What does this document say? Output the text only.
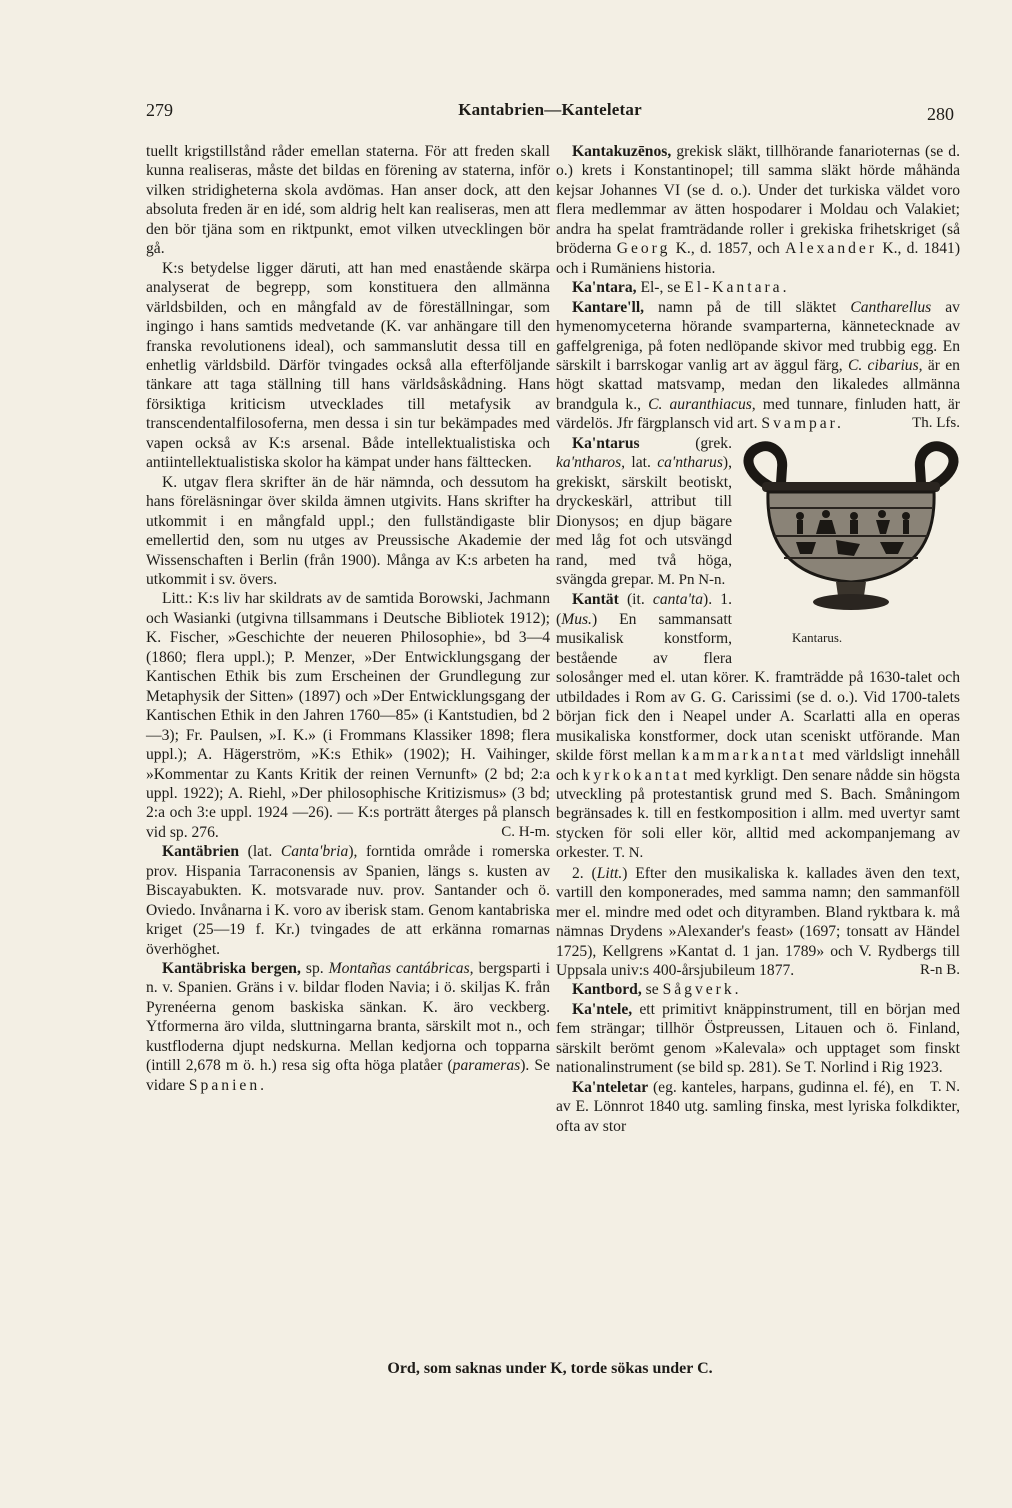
279	Kantabrien—Kanteletar	280

tuellt krigstillstånd råder emellan staterna. För att freden skall kunna realiseras, måste det bildas en förening av staterna, inför vilken stridigheterna skola avdömas. Han anser dock, att den absoluta freden är en idé, som aldrig helt kan realiseras, men att den bör tjäna som en riktpunkt, emot vilken utvecklingen bör gå.

K:s betydelse ligger däruti, att han med enastående skärpa analyserat de begrepp, som konstituera den allmänna världsbilden, och en mångfald av de föreställningar, som ingingo i hans samtids medvetande (K. var anhängare till den franska revolutionens ideal), och sammanslutit dessa till en enhetlig världsbild. Därför tvingades också alla efterföljande tänkare att taga ställning till hans världsåskådning. Hans försiktiga kriticism utvecklades till metafysik av transcendentalfilosoferna, men dessa i sin tur bekämpades med vapen också av K:s arsenal. Både intellektualistiska och antiintellektualistiska skolor ha kämpat under hans fälttecken.

K. utgav flera skrifter än de här nämnda, och dessutom ha hans föreläsningar över skilda ämnen utgivits. Hans skrifter ha utkommit i en mångfald uppl.; den fullständigaste blir emellertid den, som nu utges av Preussische Akademie der Wissenschaften i Berlin (från 1900). Många av K:s arbeten ha utkommit i sv. övers.

Litt.: K:s liv har skildrats av de samtida Borowski, Jachmann och Wasianki (utgivna tillsammans i Deutsche Bibliotek 1912); K. Fischer, »Geschichte der neueren Philosophie», bd 3—4 (1860; flera uppl.); P. Menzer, »Der Entwicklungsgang der Kantischen Ethik bis zum Erscheinen der Grundlegung zur Metaphysik der Sitten» (1897) och »Der Entwicklungsgang der Kantischen Ethik in den Jahren 1760—85» (i Kantstudien, bd 2—3); Fr. Paulsen, »I. K.» (i Frommans Klassiker 1898; flera uppl.); A. Hägerström, »K:s Ethik» (1902); H. Vaihinger, »Kommentar zu Kants Kritik der reinen Vernunft» (2 bd; 2:a uppl. 1922); A. Riehl, »Der philosophische Kritizismus» (3 bd; 2:a och 3:e uppl. 1924 —26). — K:s porträtt återges på plansch vid sp. 276.	C. H-m.

Kantäbrien (lat. Canta'bria), forntida område i romerska prov. Hispania Tarraconensis av Spanien, längs s. kusten av Biscayabukten. K. motsvarade nuv. prov. Santander och ö. Oviedo. Invånarna i K. voro av iberisk stam. Genom kantabriska kriget (25—19 f. Kr.) tvingades de att erkänna romarnas överhöghet.

Kantäbriska bergen, sp. Montañas cantábricas, bergsparti i n. v. Spanien. Gräns i v. bildar floden Navia; i ö. skiljas K. från Pyrenéerna genom baskiska sänkan. K. äro veckberg. Ytformerna äro vilda, sluttningarna branta, särskilt mot n., och kustfloderna djupt nedskurna. Mellan kedjorna och topparna (intill 2,678 m ö. h.) resa sig ofta höga platåer (parameras). Se vidare Spanien.

Kantakuzēnos, grekisk släkt, tillhörande fanarioternas (se d. o.) krets i Konstantinopel; till samma släkt hörde måhända kejsar Johannes VI (se d. o.). Under det turkiska väldet voro flera medlemmar av ätten hospodarer i Moldau och Valakiet; andra ha spelat framträdande roller i grekiska frihetskriget (så bröderna Georg K., d. 1857, och Alexander K., d. 1841) och i Rumäniens historia.

Ka'ntara, El-, se El-Kantara.

Kantare'll, namn på de till släktet Cantharellus av hymenomyceterna hörande svamparterna, kännetecknade av gaffelgreniga, på foten nedlöpande skivor med trubbig egg. En särskilt i barrskogar vanlig art av äggul färg, C. cibarius, är en högt skattad matsvamp, medan den likaledes allmänna brandgula k., C. auranthiacus, med tunnare, finluden hatt, är värdelös. Jfr färgplansch vid art. Svampar.	Th. Lfs.

Kantarus.

Ka'ntarus	(grek. ka'ntharos, lat. ca'ntharus), grekiskt, särskilt beotiskt, dryckeskärl, attribut till Dionysos; en djup bägare med låg fot och utsvängd rand, med två höga, svängda grepar. M. Pn N-n.

Kantät (it. canta'ta). 1. (Mus.) En sammansatt musikalisk konstform, bestående av flera solosånger med el. utan körer. K. framträdde på 1630-talet och utbildades i Rom av G. G. Carissimi (se d. o.). Vid 1700-talets början fick den i Neapel under A. Scarlatti alla en operas musikaliska konstformer, dock utan sceniskt utförande. Man skilde först mellan kammarkantat med världsligt innehåll och kyrkokantat med kyrkligt. Den senare nådde sin högsta utveckling på protestantisk grund med S. Bach. Småningom begränsades k. till en festkomposition i allm. med uvertyr samt stycken för soli eller kör, alltid med ackompanjemang av orkester. T. N.

2. (Litt.) Efter den musikaliska k. kallades även den text, vartill den komponerades, med samma namn; den sammanföll mer el. mindre med odet och dityramben. Bland ryktbara k. må nämnas Drydens »Alexander's feast» (1697; tonsatt av Händel 1725), Kellgrens »Kantat d. 1 jan. 1789» och V. Rydbergs till Uppsala univ:s 400-årsjubileum 1877.	R-n B.

Kantbord, se Sågverk.

Ka'ntele, ett primitivt knäppinstrument, till en början med fem strängar; tillhör Östpreussen, Litauen och ö. Finland, särskilt berömt genom »Kalevala» och upptaget som finskt nationalinstrument (se bild sp. 281). Se T. Norlind i Rig 1923.
T. N.

Ka'nteletar (eg. kanteles, harpans, gudinna el. fé), en av E. Lönnrot 1840 utg. samling finska, mest lyriska folkdikter, ofta av stor

Ord, som saknas under K, torde sökas under C.
